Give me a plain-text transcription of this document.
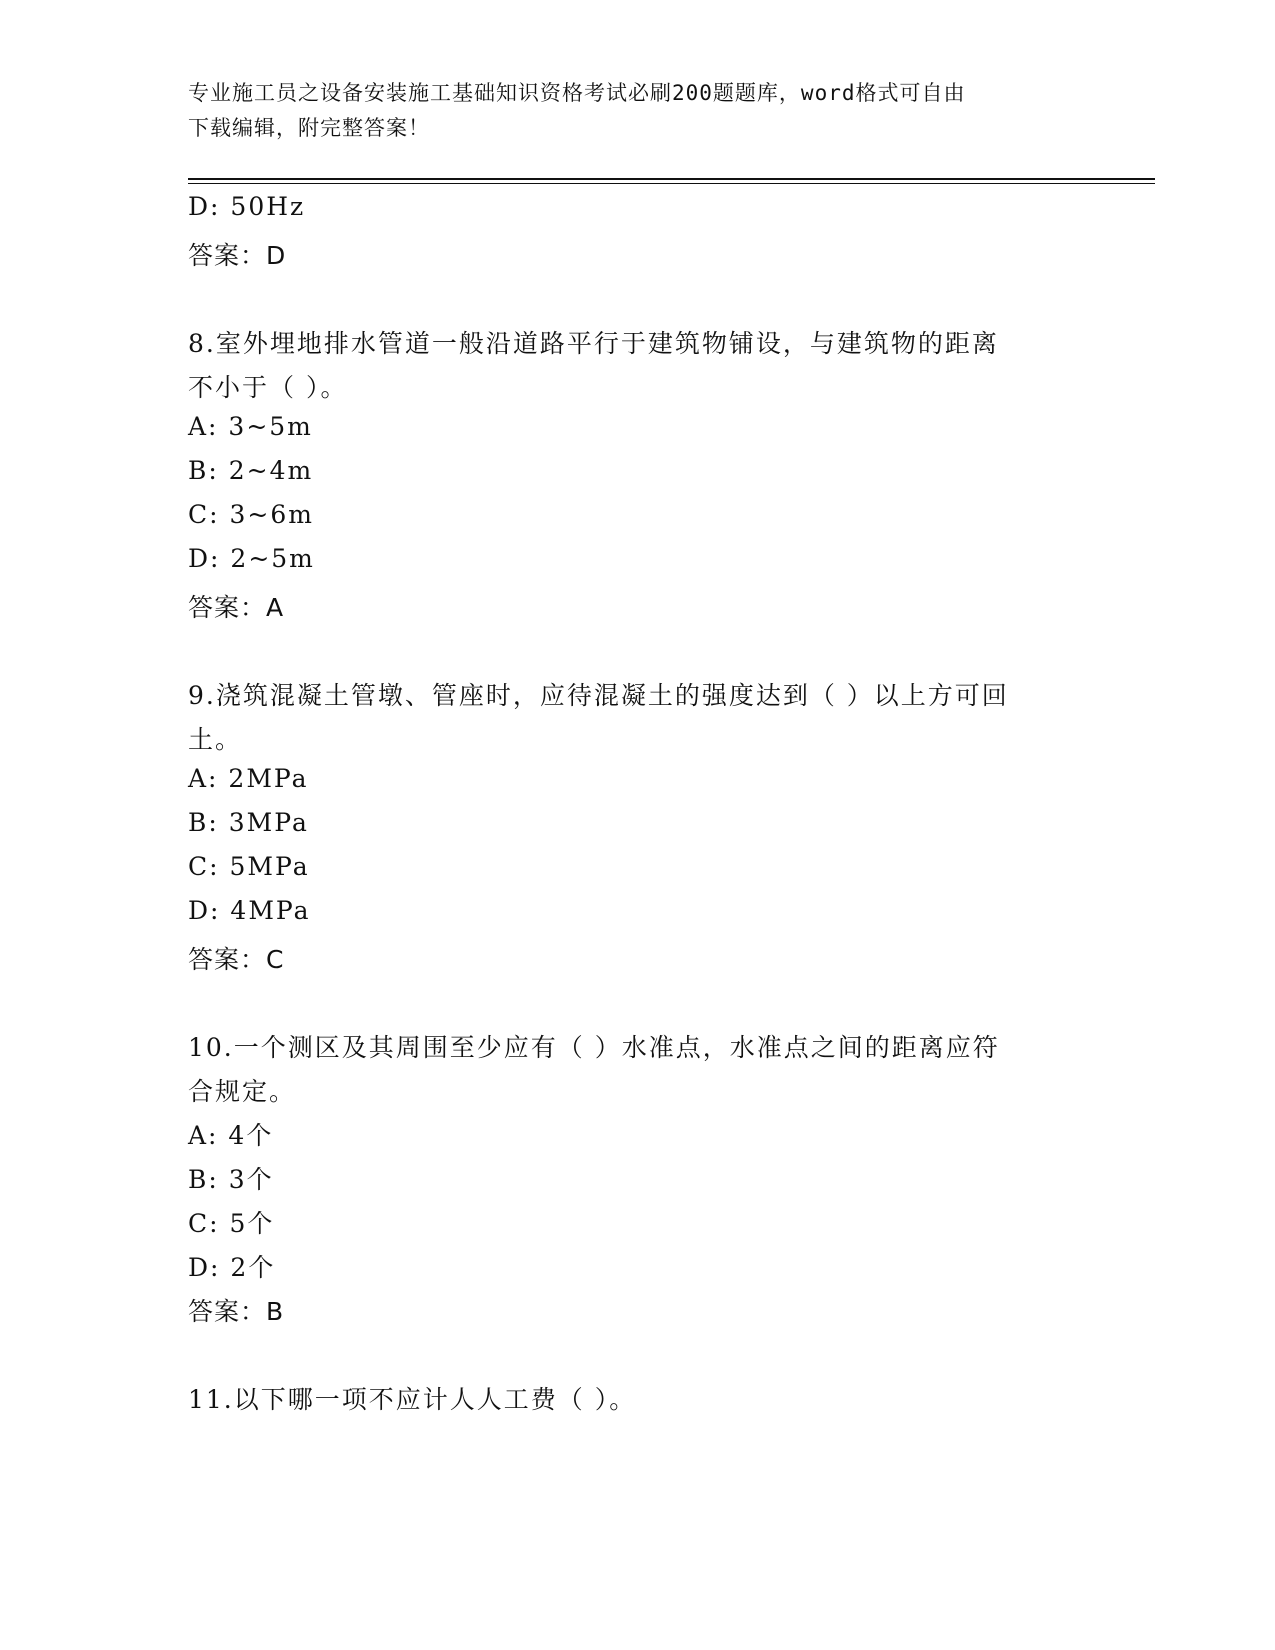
专业施工员之设备安装施工基础知识资格考试必刷200题题库，word格式可自由
下载编辑，附完整答案！
D: 50Hz
答案：D
8.室外埋地排水管道一般沿道路平行于建筑物铺设，与建筑物的距离
不小于（ ）。
A: 3~5m
B: 2~4m
C: 3~6m
D: 2~5m
答案：A
9.浇筑混凝土管墩、管座时，应待混凝土的强度达到（ ）以上方可回
土。
A: 2MPa
B: 3MPa
C: 5MPa
D: 4MPa
答案：C
10.一个测区及其周围至少应有（ ）水准点，水准点之间的距离应符
合规定。
A: 4个
B: 3个
C: 5个
D: 2个
答案：B
11.以下哪一项不应计人人工费（ ）。
